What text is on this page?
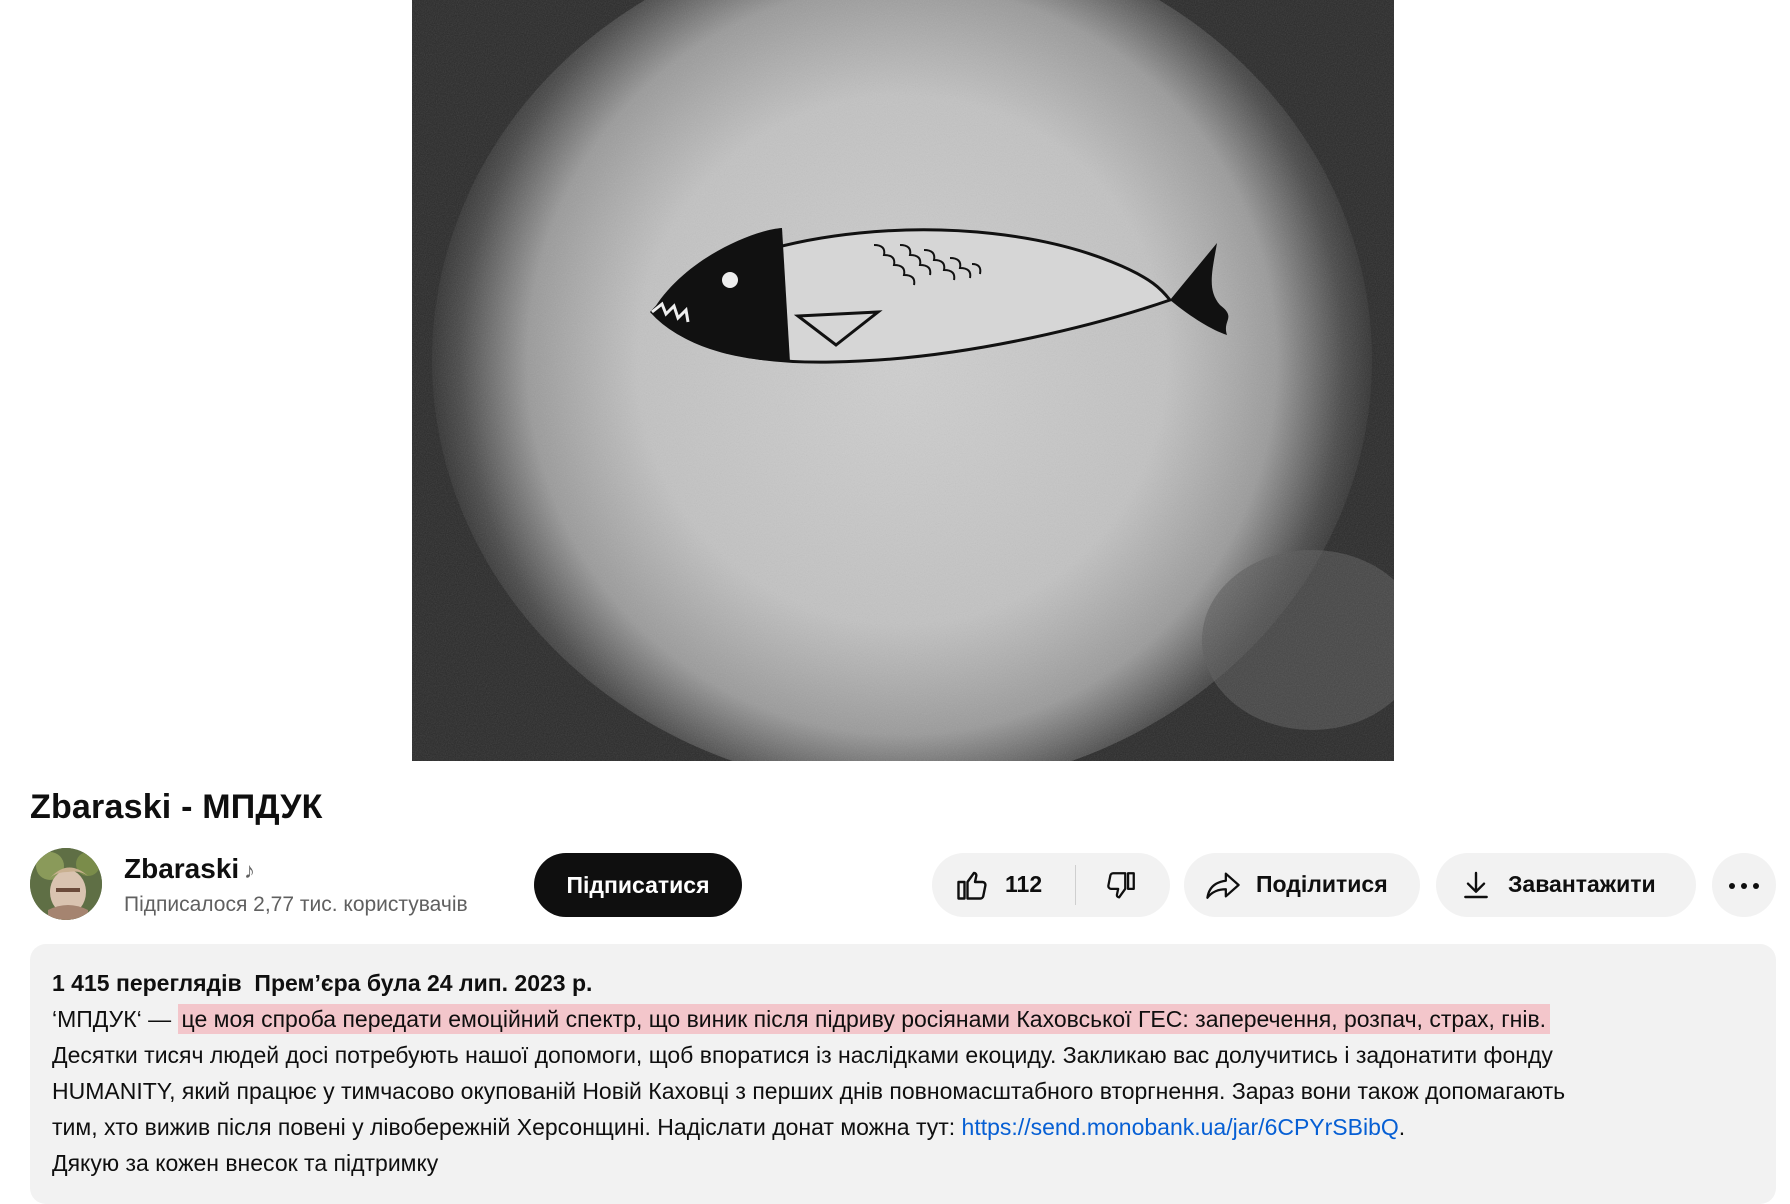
Zbaraski - МПДУК
Zbaraski ♪
Підписалося 2,77 тис. користувачів
Підписатися	112	Поділитися	Завантажити
1 415 переглядів Прем’єра була 24 лип. 2023 р.
‘МПДУК‘ — це моя спроба передати емоційний спектр, що виник після підриву росіянами Каховської ГЕС: заперечення, розпач, страх, гнів.
Десятки тисяч людей досі потребують нашої допомоги, щоб впоратися із наслідками екоциду. Закликаю вас долучитись і задонатити фонду
HUMANITY, який працює у тимчасово окупованій Новій Каховці з перших днів повномасштабного вторгнення. Зараз вони також допомагають
тим, хто вижив після повені у лівобережній Херсонщині. Надіслати донат можна тут: https://send.monobank.ua/jar/6CPYrSBibQ.
Дякую за кожен внесок та підтримку
